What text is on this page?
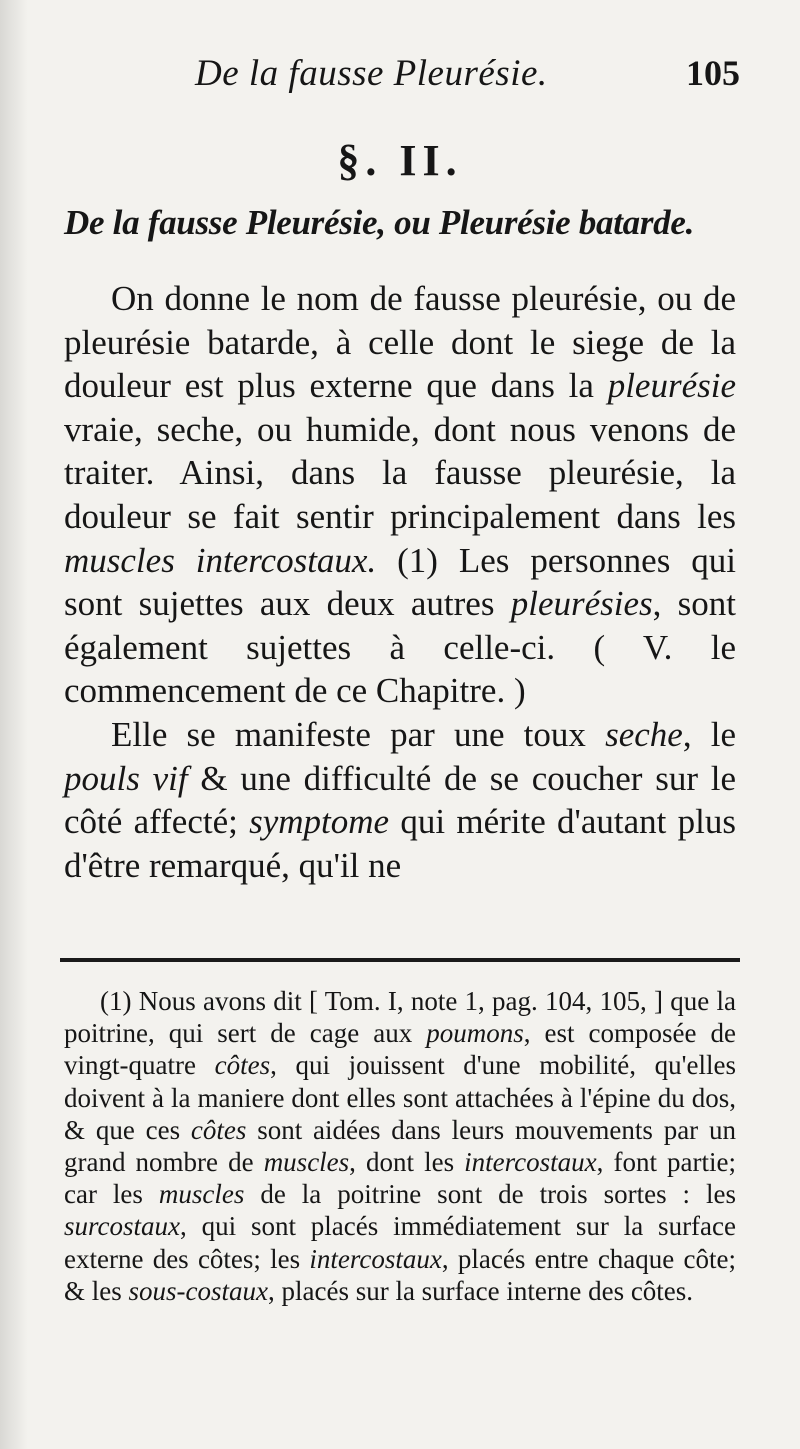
De la fausse Pleurésie.	105
§. II.
De la fausse Pleurésie, ou Pleurésie batarde.

On donne le nom de fausse pleurésie, ou de pleurésie batarde, à celle dont le siege de la douleur est plus externe que dans la pleurésie vraie, seche, ou humide, dont nous venons de traiter. Ainsi, dans la fausse pleurésie, la douleur se fait sentir principalement dans les muscles intercostaux. (1) Les personnes qui sont sujettes aux deux autres pleurésies, sont également sujettes à celle-ci. ( V. le commencement de ce Chapitre. )

Elle se manifeste par une toux seche, le pouls vif & une difficulté de se coucher sur le côté affecté; symptome qui mérite d'autant plus d'être remarqué, qu'il ne

(1) Nous avons dit [ Tom. I, note 1, pag. 104, 105, ] que la poitrine, qui sert de cage aux poumons, est composée de vingt-quatre côtes, qui jouissent d'une mobilité, qu'elles doivent à la maniere dont elles sont attachées à l'épine du dos, & que ces côtes sont aidées dans leurs mouvements par un grand nombre de muscles, dont les intercostaux, font partie; car les muscles de la poitrine sont de trois sortes : les surcostaux, qui sont placés immédiatement sur la surface externe des côtes; les intercostaux, placés entre chaque côte; & les sous-costaux, placés sur la surface interne des côtes.
